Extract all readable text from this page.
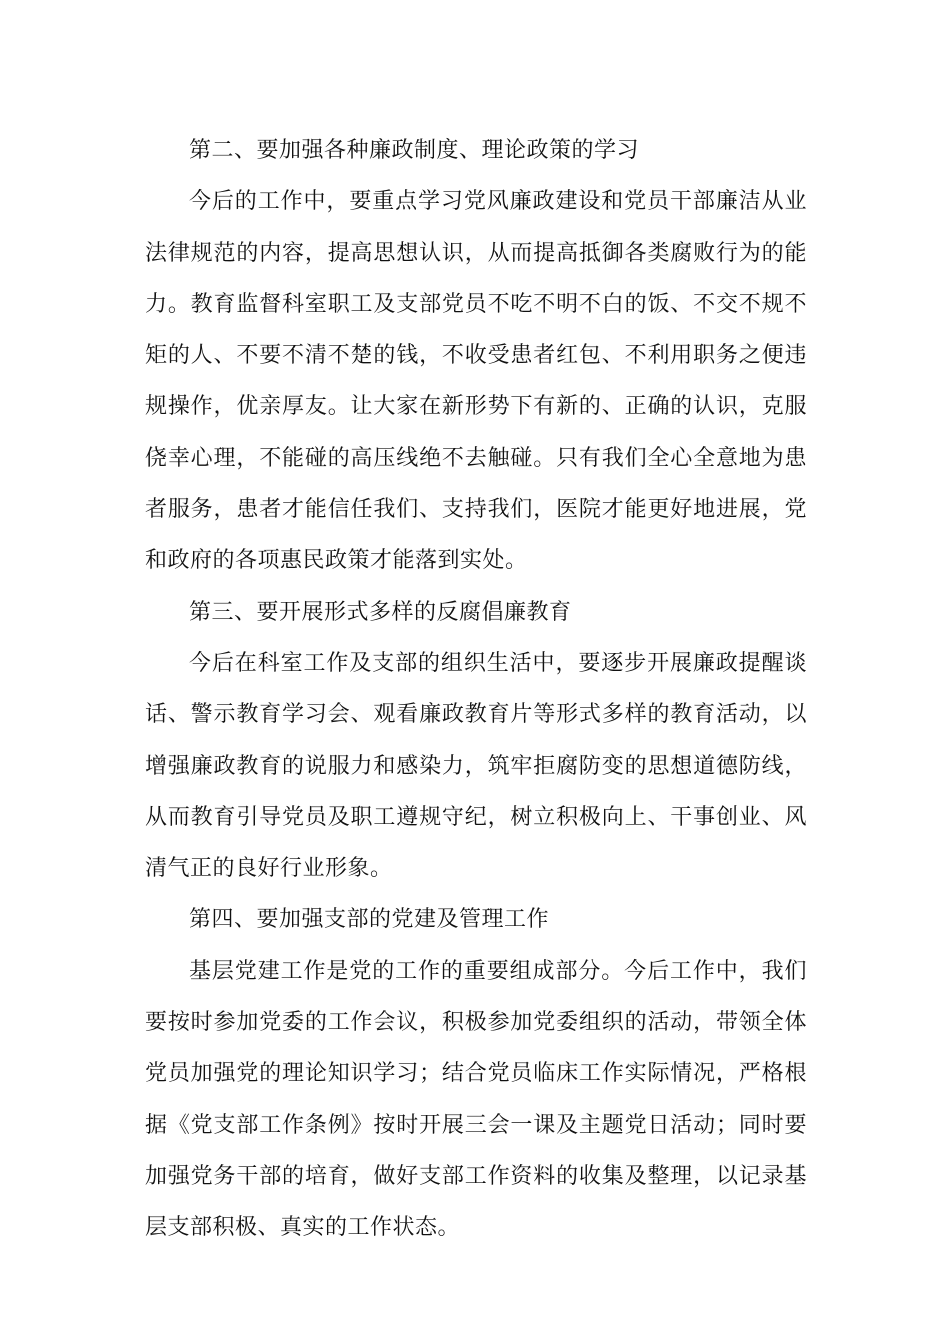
第二、要加强各种廉政制度、理论政策的学习

今后的工作中，要重点学习党风廉政建设和党员干部廉洁从业法律规范的内容，提高思想认识，从而提高抵御各类腐败行为的能力。教育监督科室职工及支部党员不吃不明不白的饭、不交不规不矩的人、不要不清不楚的钱，不收受患者红包、不利用职务之便违规操作，优亲厚友。让大家在新形势下有新的、正确的认识，克服侥幸心理，不能碰的高压线绝不去触碰。只有我们全心全意地为患者服务，患者才能信任我们、支持我们，医院才能更好地进展，党和政府的各项惠民政策才能落到实处。

第三、要开展形式多样的反腐倡廉教育

今后在科室工作及支部的组织生活中，要逐步开展廉政提醒谈话、警示教育学习会、观看廉政教育片等形式多样的教育活动，以增强廉政教育的说服力和感染力，筑牢拒腐防变的思想道德防线，从而教育引导党员及职工遵规守纪，树立积极向上、干事创业、风清气正的良好行业形象。

第四、要加强支部的党建及管理工作

基层党建工作是党的工作的重要组成部分。今后工作中，我们要按时参加党委的工作会议，积极参加党委组织的活动，带领全体党员加强党的理论知识学习；结合党员临床工作实际情况，严格根据《党支部工作条例》按时开展三会一课及主题党日活动；同时要加强党务干部的培育，做好支部工作资料的收集及整理，以记录基层支部积极、真实的工作状态。
